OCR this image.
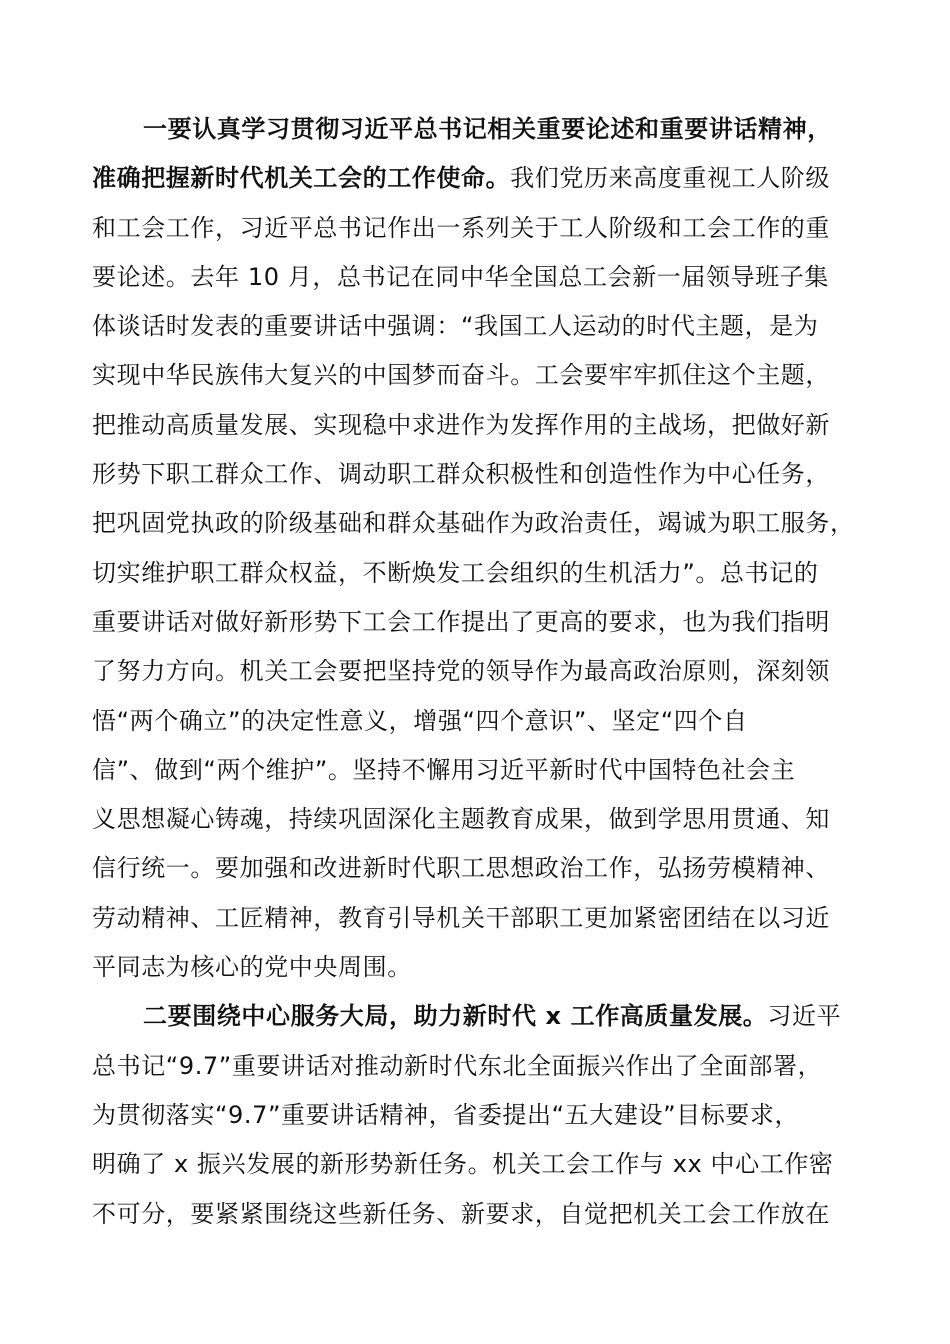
一要认真学习贯彻习近平总书记相关重要论述和重要讲话精神，
准确把握新时代机关工会的工作使命。我们党历来高度重视工人阶级
和工会工作，习近平总书记作出一系列关于工人阶级和工会工作的重
要论述。去年 10 月，总书记在同中华全国总工会新一届领导班子集
体谈话时发表的重要讲话中强调：“我国工人运动的时代主题，是为
实现中华民族伟大复兴的中国梦而奋斗。工会要牢牢抓住这个主题，
把推动高质量发展、实现稳中求进作为发挥作用的主战场，把做好新
形势下职工群众工作、调动职工群众积极性和创造性作为中心任务，
把巩固党执政的阶级基础和群众基础作为政治责任，竭诚为职工服务，
切实维护职工群众权益，不断焕发工会组织的生机活力”。总书记的
重要讲话对做好新形势下工会工作提出了更高的要求，也为我们指明
了努力方向。机关工会要把坚持党的领导作为最高政治原则，深刻领
悟“两个确立”的决定性意义，增强“四个意识”、坚定“四个自
信”、做到“两个维护”。坚持不懈用习近平新时代中国特色社会主
义思想凝心铸魂，持续巩固深化主题教育成果，做到学思用贯通、知
信行统一。要加强和改进新时代职工思想政治工作，弘扬劳模精神、
劳动精神、工匠精神，教育引导机关干部职工更加紧密团结在以习近
平同志为核心的党中央周围。
二要围绕中心服务大局，助力新时代 x 工作高质量发展。习近平
总书记“9.7”重要讲话对推动新时代东北全面振兴作出了全面部署，
为贯彻落实“9.7”重要讲话精神，省委提出“五大建设”目标要求，
明确了 x 振兴发展的新形势新任务。机关工会工作与 xx 中心工作密
不可分，要紧紧围绕这些新任务、新要求，自觉把机关工会工作放在
